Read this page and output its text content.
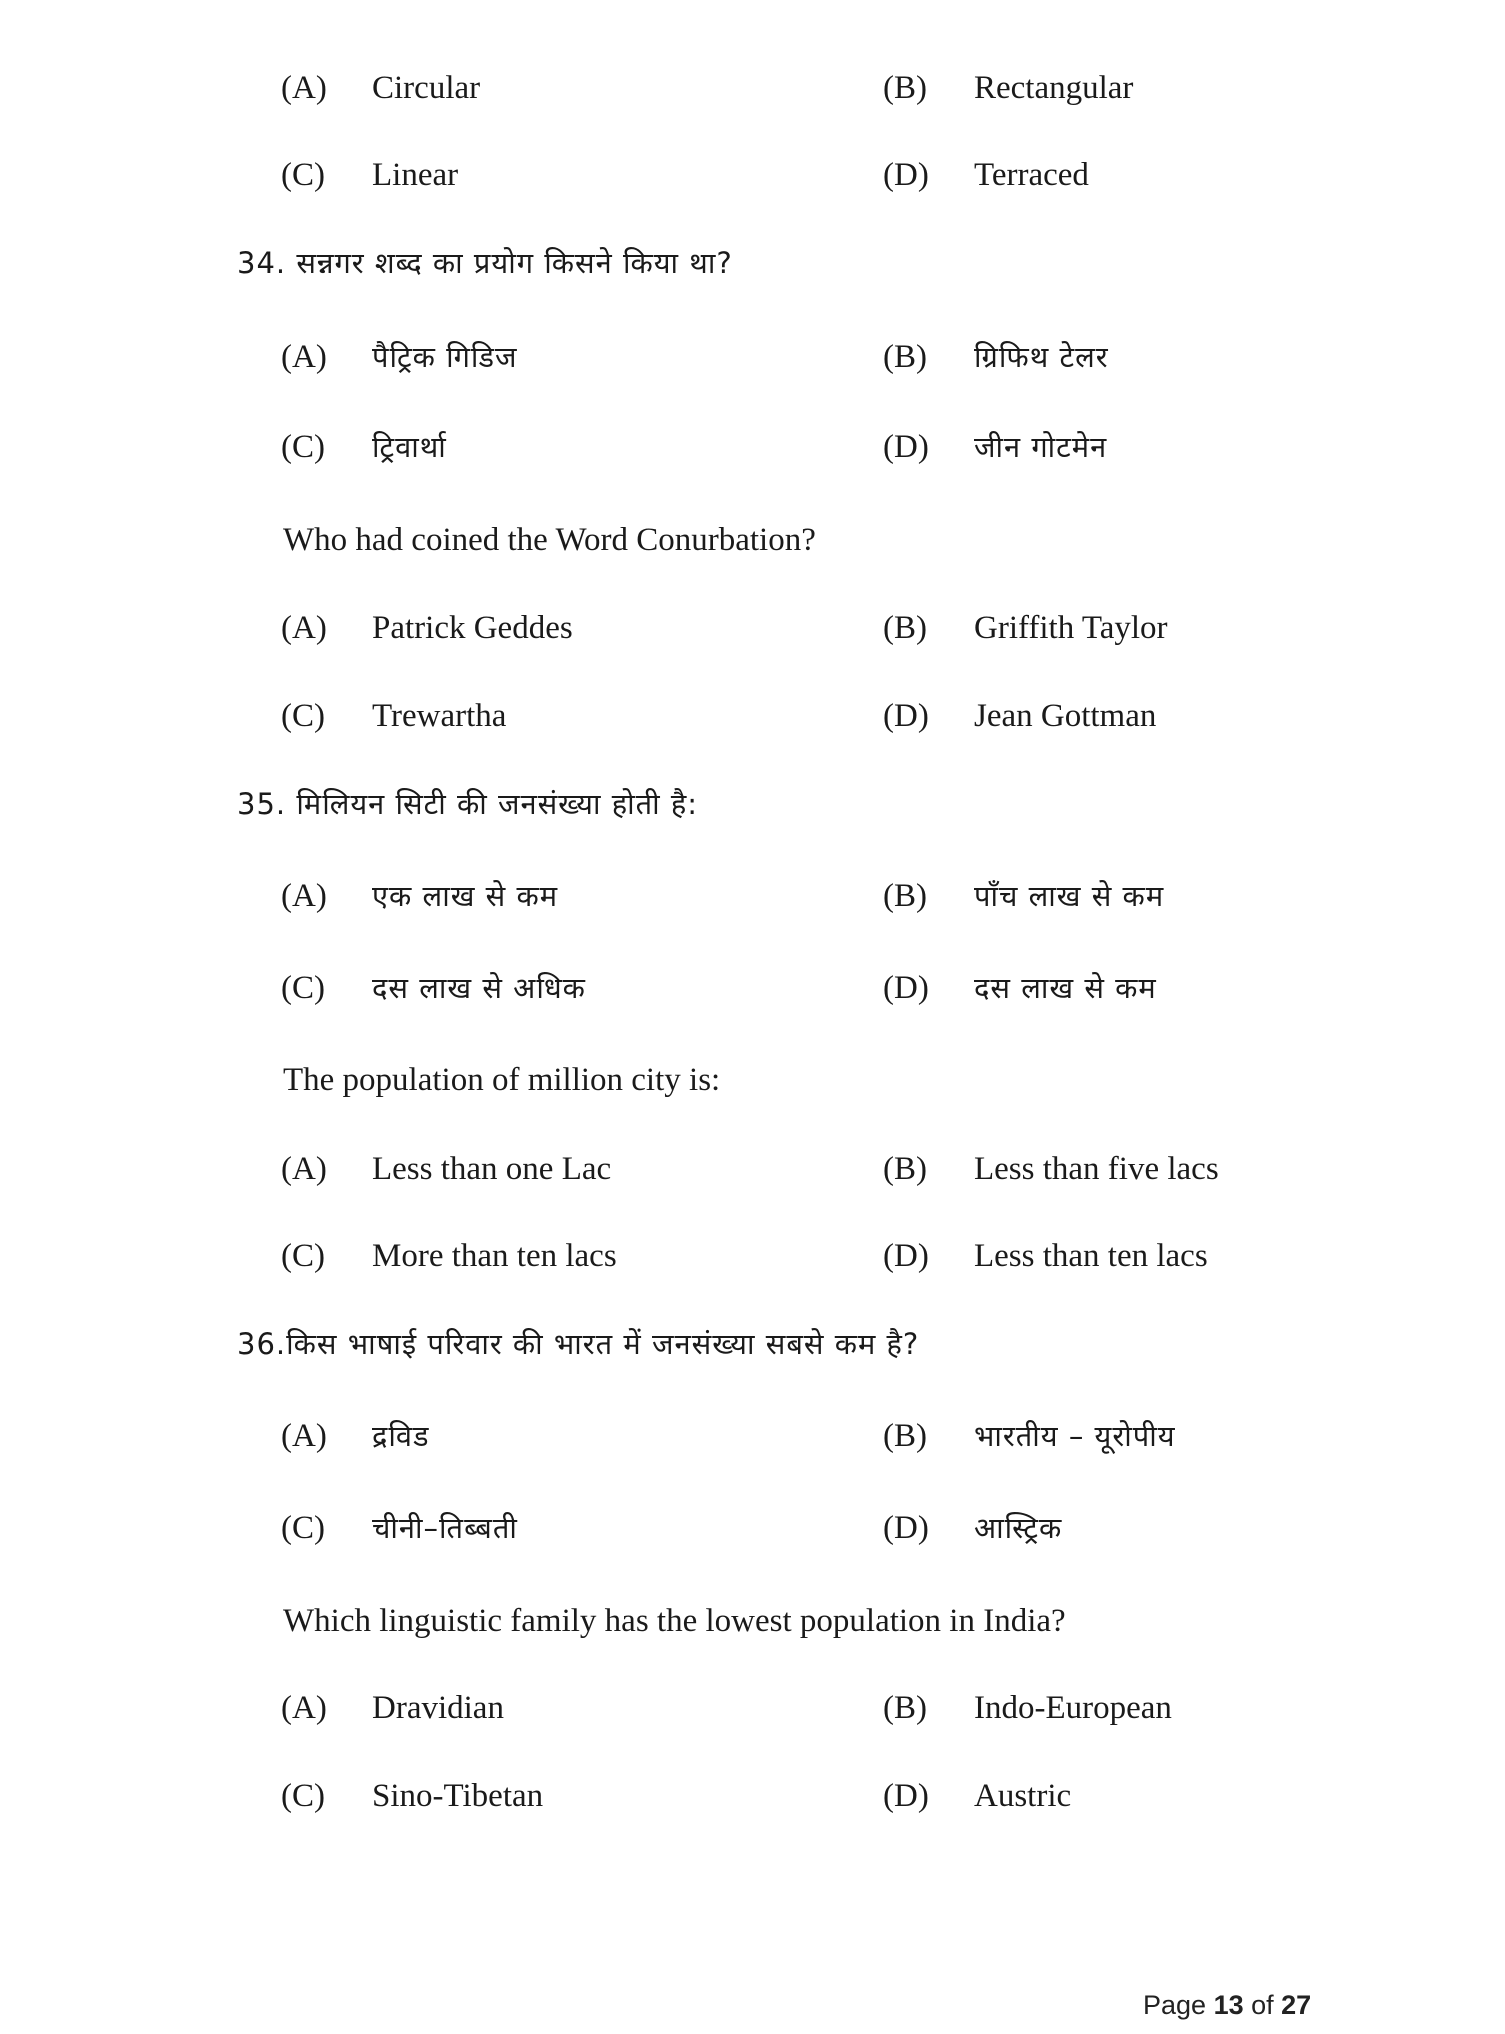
(A) Circular	(B) Rectangular
(C) Linear	(D) Terraced
34. सन्नगर शब्द का प्रयोग किसने किया था?
(A) पैट्रिक गिडिज	(B) ग्रिफिथ टेलर
(C) ट्रिवार्था	(D) जीन गोटमेन
Who had coined the Word Conurbation?
(A) Patrick Geddes	(B) Griffith Taylor
(C) Trewartha	(D) Jean Gottman
35. मिलियन सिटी की जनसंख्या होती है:
(A) एक लाख से कम	(B) पाँच लाख से कम
(C) दस लाख से अधिक	(D) दस लाख से कम
The population of million city is:
(A) Less than one Lac	(B) Less than five lacs
(C) More than ten lacs	(D) Less than ten lacs
36.किस भाषाई परिवार की भारत में जनसंख्या सबसे कम है?
(A) द्रविड	(B) भारतीय – यूरोपीय
(C) चीनी–तिब्बती	(D) आस्ट्रिक
Which linguistic family has the lowest population in India?
(A) Dravidian	(B) Indo-European
(C) Sino-Tibetan	(D) Austric
Page 13 of 27
